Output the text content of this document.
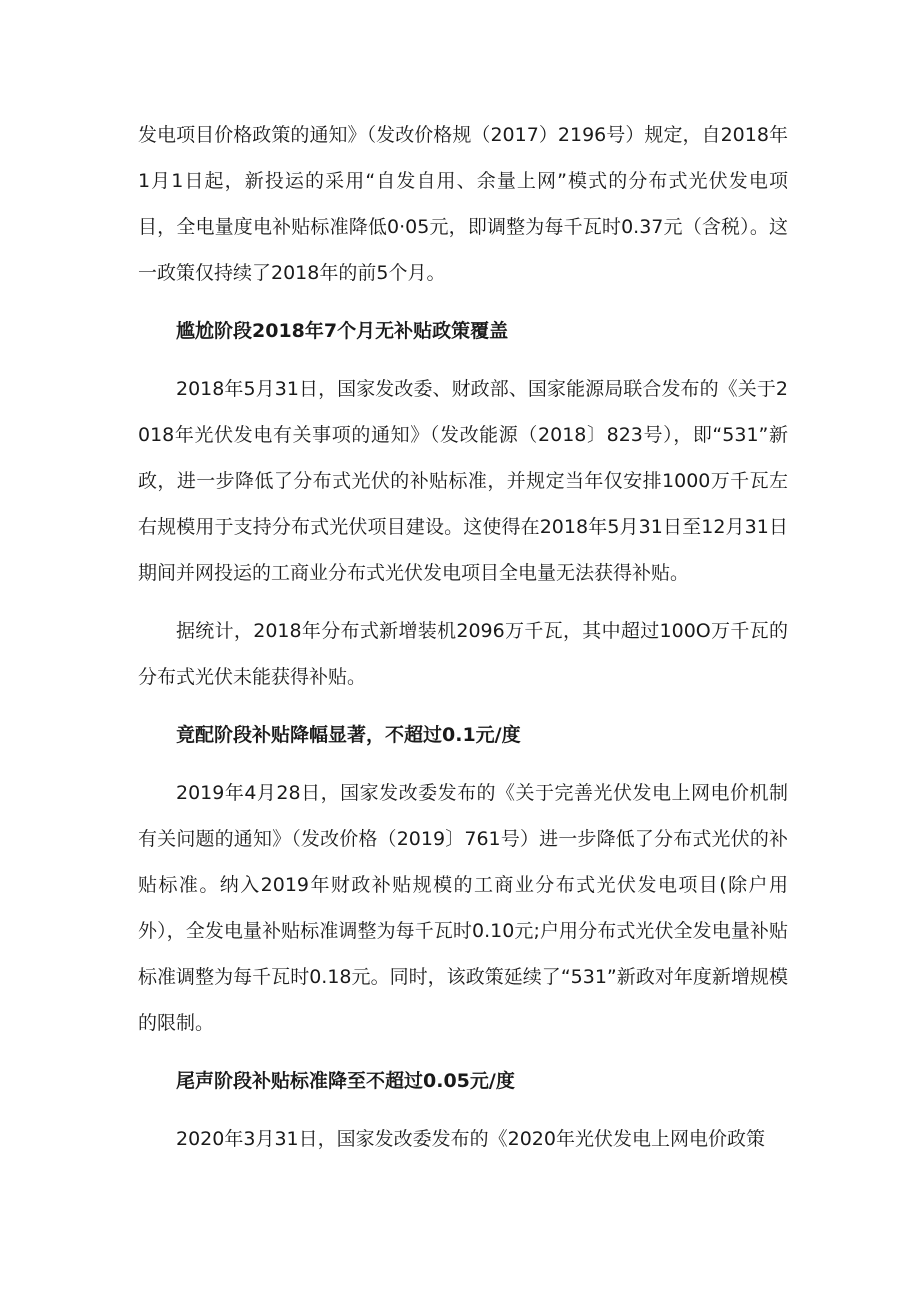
发电项目价格政策的通知》（发改价格规（2017）2196号）规定，自2018年1月1日起，新投运的采用“自发自用、余量上网”模式的分布式光伏发电项目，全电量度电补贴标准降低0·05元，即调整为每千瓦时0.37元（含税）。这一政策仅持续了2018年的前5个月。

尴尬阶段2018年7个月无补贴政策覆盖

2018年5月31日，国家发改委、财政部、国家能源局联合发布的《关于2018年光伏发电有关事项的通知》（发改能源（2018〕823号），即“531”新政，进一步降低了分布式光伏的补贴标准，并规定当年仅安排1000万千瓦左右规模用于支持分布式光伏项目建设。这使得在2018年5月31日至12月31日期间并网投运的工商业分布式光伏发电项目全电量无法获得补贴。

据统计，2018年分布式新增装机2096万千瓦，其中超过100O万千瓦的分布式光伏未能获得补贴。

竟配阶段补贴降幅显著，不超过0.1元/度

2019年4月28日，国家发改委发布的《关于完善光伏发电上网电价机制有关问题的通知》（发改价格（2019〕761号）进一步降低了分布式光伏的补贴标准。纳入2019年财政补贴规模的工商业分布式光伏发电项目(除户用外），全发电量补贴标准调整为每千瓦时0.10元;户用分布式光伏全发电量补贴标准调整为每千瓦时0.18元。同时，该政策延续了“531”新政对年度新增规模的限制。

尾声阶段补贴标准降至不超过0.05元/度

2020年3月31日，国家发改委发布的《2020年光伏发电上网电价政策
